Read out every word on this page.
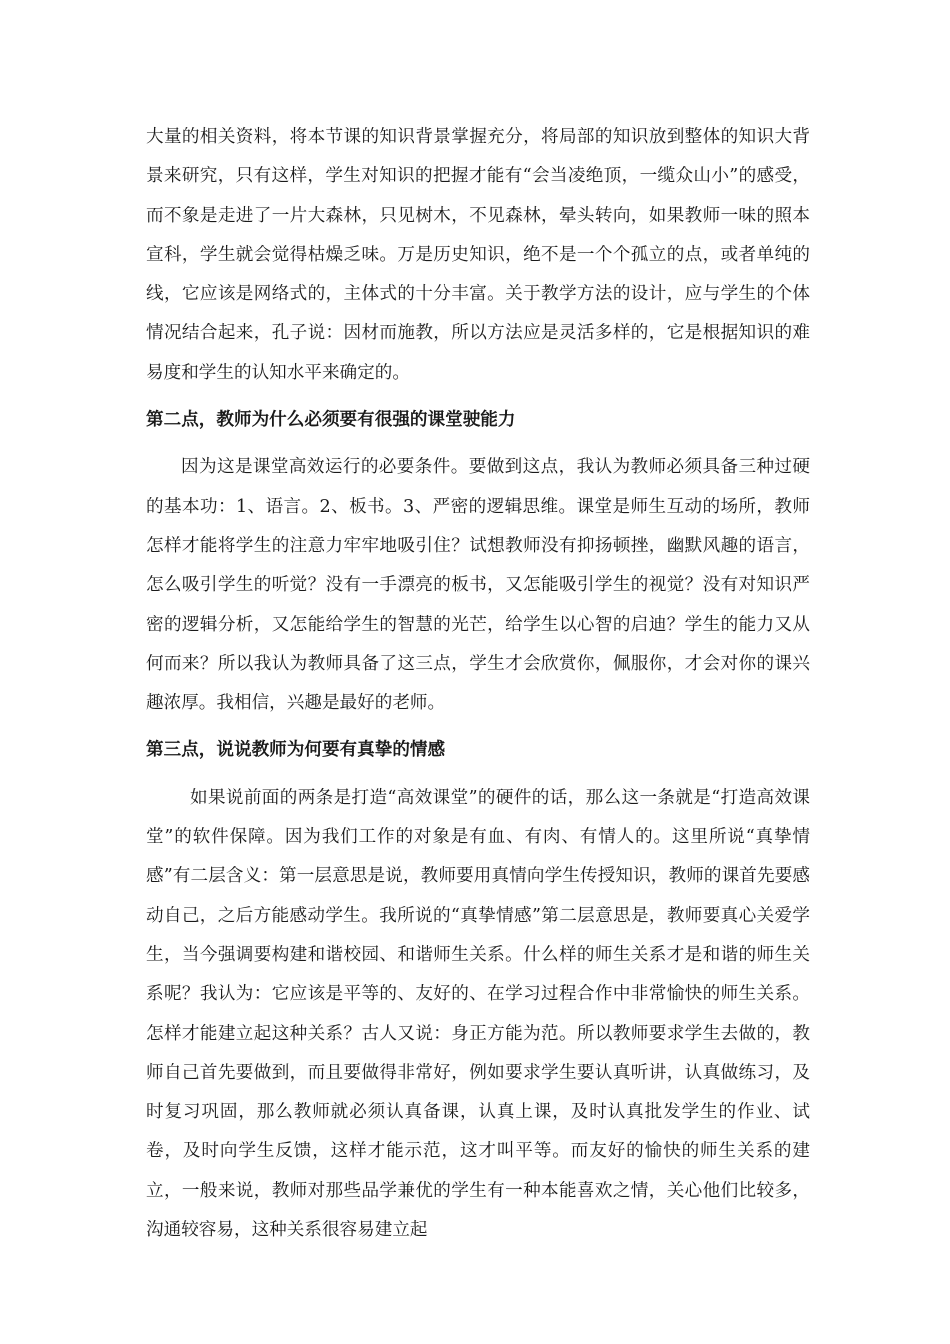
大量的相关资料，将本节课的知识背景掌握充分，将局部的知识放到整体的知识大背景来研究，只有这样，学生对知识的把握才能有“会当凌绝顶，一缆众山小”的感受，而不象是走进了一片大森林，只见树木，不见森林，晕头转向，如果教师一味的照本宣科，学生就会觉得枯燥乏味。万是历史知识，绝不是一个个孤立的点，或者单纯的线，它应该是网络式的，主体式的十分丰富。关于教学方法的设计，应与学生的个体情况结合起来，孔子说：因材而施教，所以方法应是灵活多样的，它是根据知识的难易度和学生的认知水平来确定的。

第二点，教师为什么必须要有很强的课堂驶能力

因为这是课堂高效运行的必要条件。要做到这点，我认为教师必须具备三种过硬的基本功：1、语言。2、板书。3、严密的逻辑思维。课堂是师生互动的场所，教师怎样才能将学生的注意力牢牢地吸引住？试想教师没有抑扬顿挫，幽默风趣的语言，怎么吸引学生的听觉？没有一手漂亮的板书，又怎能吸引学生的视觉？没有对知识严密的逻辑分析，又怎能给学生的智慧的光芒，给学生以心智的启迪？学生的能力又从何而来？所以我认为教师具备了这三点，学生才会欣赏你，佩服你，才会对你的课兴趣浓厚。我相信，兴趣是最好的老师。

第三点，说说教师为何要有真挚的情感

如果说前面的两条是打造“高效课堂”的硬件的话，那么这一条就是“打造高效课堂”的软件保障。因为我们工作的对象是有血、有肉、有情人的。这里所说“真挚情感”有二层含义：第一层意思是说，教师要用真情向学生传授知识，教师的课首先要感动自己，之后方能感动学生。我所说的“真挚情感”第二层意思是，教师要真心关爱学生，当今强调要构建和谐校园、和谐师生关系。什么样的师生关系才是和谐的师生关系呢？我认为：它应该是平等的、友好的、在学习过程合作中非常愉快的师生关系。怎样才能建立起这种关系？古人又说：身正方能为范。所以教师要求学生去做的，教师自己首先要做到，而且要做得非常好，例如要求学生要认真听讲，认真做练习，及时复习巩固，那么教师就必须认真备课，认真上课，及时认真批发学生的作业、试卷，及时向学生反馈，这样才能示范，这才叫平等。而友好的愉快的师生关系的建立，一般来说，教师对那些品学兼优的学生有一种本能喜欢之情，关心他们比较多，沟通较容易，这种关系很容易建立起
